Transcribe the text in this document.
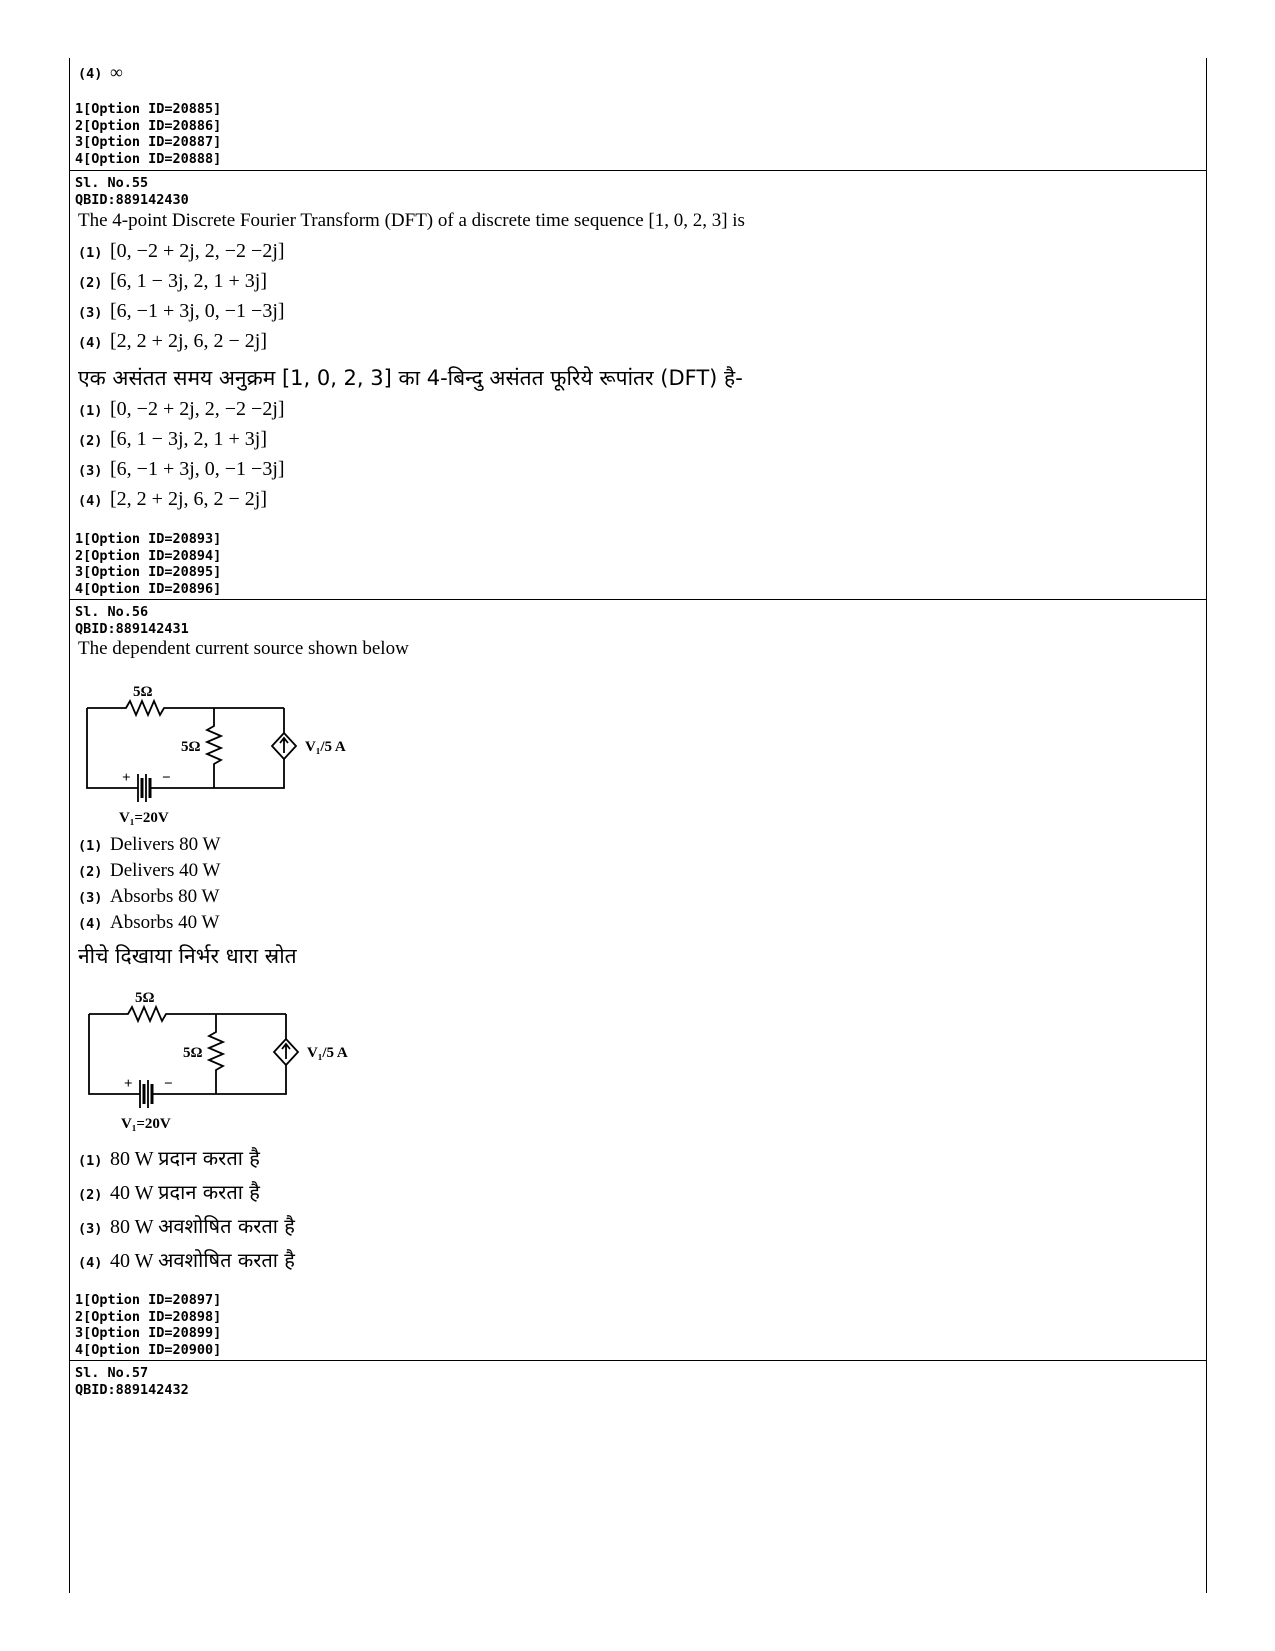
(4) ∞
1[Option ID=20885]
2[Option ID=20886]
3[Option ID=20887]
4[Option ID=20888]
Sl. No.55
QBID:889142430
The 4-point Discrete Fourier Transform (DFT) of a discrete time sequence [1, 0, 2, 3] is
(1) [0, −2 + 2j, 2, −2 −2j]
(2) [6, 1 − 3j, 2, 1 + 3j]
(3) [6, −1 + 3j, 0, −1 −3j]
(4) [2, 2 + 2j, 6, 2 − 2j]
एक असंतत समय अनुक्रम [1, 0, 2, 3] का 4-बिन्दु असंतत फूरिये रूपांतर (DFT) है-
(1) [0, −2 + 2j, 2, −2 −2j]
(2) [6, 1 − 3j, 2, 1 + 3j]
(3) [6, −1 + 3j, 0, −1 −3j]
(4) [2, 2 + 2j, 6, 2 − 2j]
1[Option ID=20893]
2[Option ID=20894]
3[Option ID=20895]
4[Option ID=20896]
Sl. No.56
QBID:889142431
The dependent current source shown below
5Ω
5Ω	V₁/5 A
V₁=20V
+ −
(1) Delivers 80 W
(2) Delivers 40 W
(3) Absorbs 80 W
(4) Absorbs 40 W
नीचे दिखाया निर्भर धारा स्रोत
5Ω
5Ω	V₁/5 A
V₁=20V
+ −
(1) 80 W प्रदान करता है
(2) 40 W प्रदान करता है
(3) 80 W अवशोषित करता है
(4) 40 W अवशोषित करता है
1[Option ID=20897]
2[Option ID=20898]
3[Option ID=20899]
4[Option ID=20900]
Sl. No.57
QBID:889142432
